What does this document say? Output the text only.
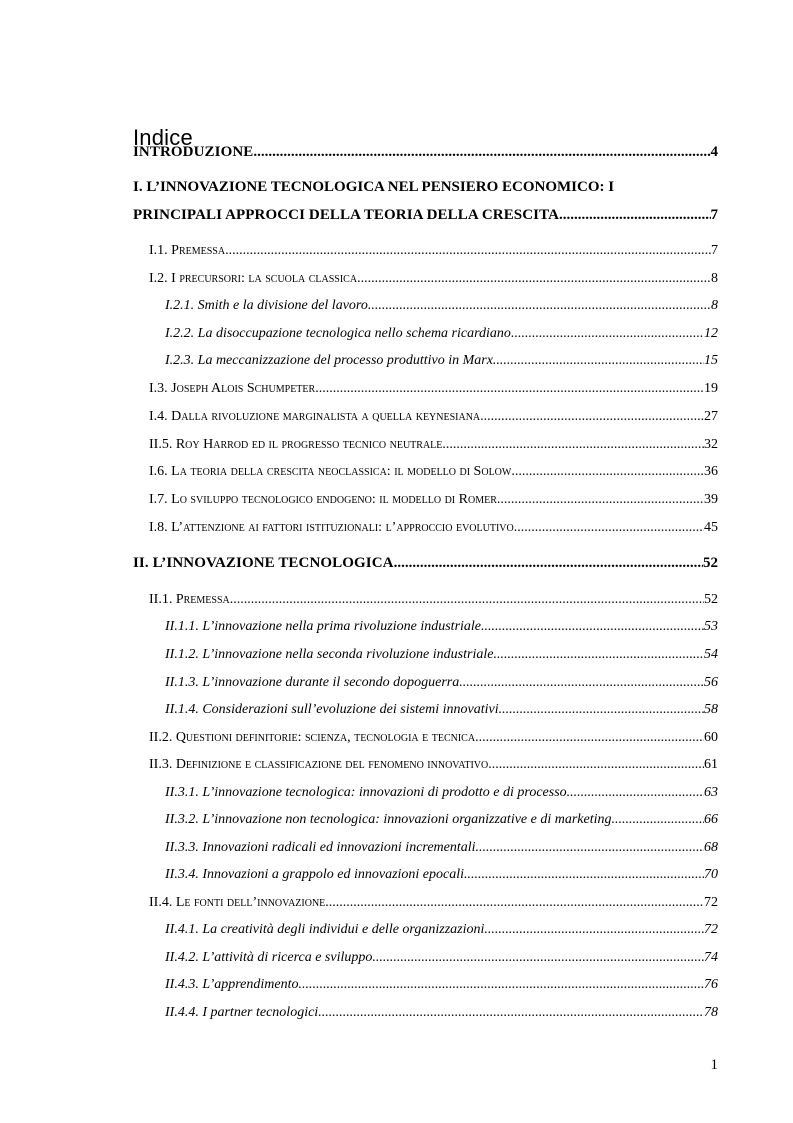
Indice
INTRODUZIONE .....	4
I. L’INNOVAZIONE TECNOLOGICA NEL PENSIERO ECONOMICO: I
PRINCIPALI APPROCCI DELLA TEORIA DELLA CRESCITA .....	7
I.1. Premessa .....	7
I.2. I precursori: la scuola classica .....	8
I.2.1. Smith e la divisione del lavoro .....	8
I.2.2. La disoccupazione tecnologica nello schema ricardiano .....	12
I.2.3. La meccanizzazione del processo produttivo in Marx .....	15
I.3. Joseph Alois Schumpeter .....	19
I.4. Dalla rivoluzione marginalista a quella keynesiana .....	27
II.5. Roy Harrod ed il progresso tecnico neutrale .....	32
I.6. La teoria della crescita neoclassica: il modello di Solow .....	36
I.7. Lo sviluppo tecnologico endogeno: il modello di Romer .....	39
I.8. L’attenzione ai fattori istituzionali: l’approccio evolutivo .....	45
II. L’INNOVAZIONE TECNOLOGICA .....	52
II.1. Premessa .....	52
II.1.1. L’innovazione nella prima rivoluzione industriale .....	53
II.1.2. L’innovazione nella seconda rivoluzione industriale .....	54
II.1.3. L’innovazione durante il secondo dopoguerra .....	56
II.1.4. Considerazioni sull’evoluzione dei sistemi innovativi .....	58
II.2. Questioni definitorie: scienza, tecnologia e tecnica .....	60
II.3. Definizione e classificazione del fenomeno innovativo .....	61
II.3.1. L’innovazione tecnologica: innovazioni di prodotto e di processo .....	63
II.3.2. L’innovazione non tecnologica: innovazioni organizzative e di marketing .....	66
II.3.3. Innovazioni radicali ed innovazioni incrementali .....	68
II.3.4. Innovazioni a grappolo ed innovazioni epocali .....	70
II.4. Le fonti dell’innovazione .....	72
II.4.1. La creatività degli individui e delle organizzazioni .....	72
II.4.2. L’attività di ricerca e sviluppo .....	74
II.4.3. L’apprendimento .....	76
II.4.4. I partner tecnologici .....	78
1
